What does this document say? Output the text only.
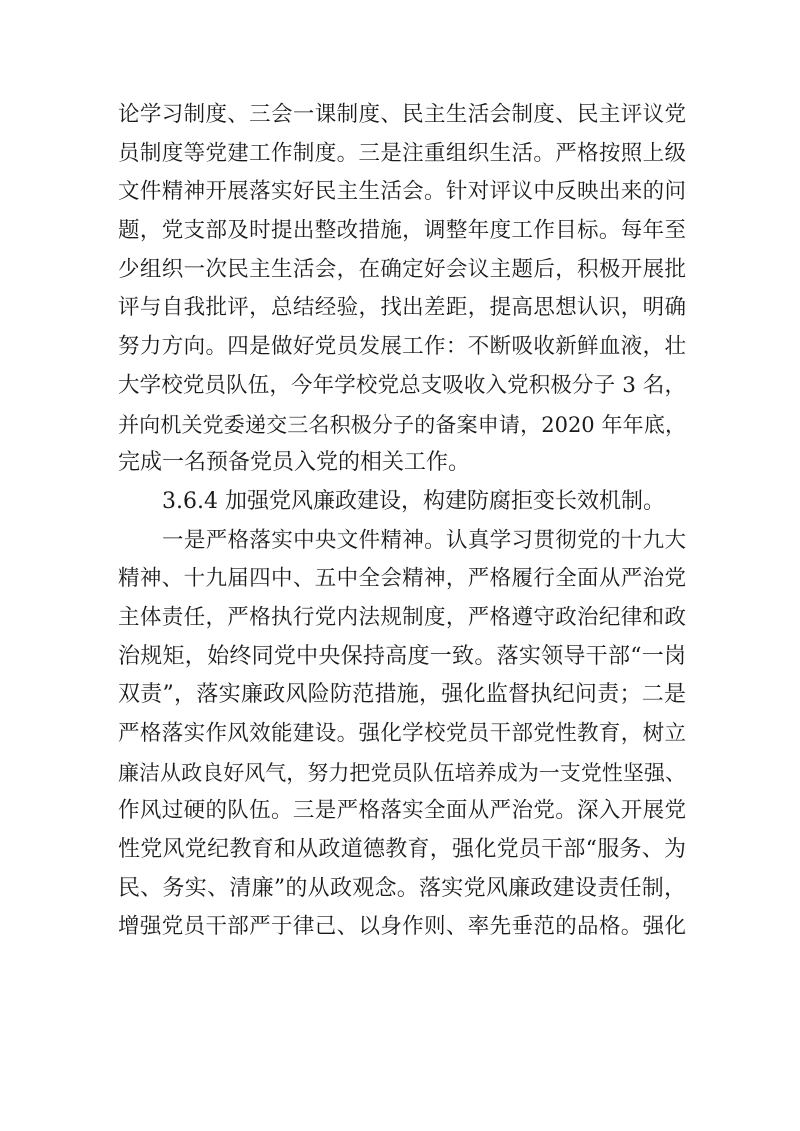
论学习制度、三会一课制度、民主生活会制度、民主评议党
员制度等党建工作制度。三是注重组织生活。严格按照上级
文件精神开展落实好民主生活会。针对评议中反映出来的问
题，党支部及时提出整改措施，调整年度工作目标。每年至
少组织一次民主生活会，在确定好会议主题后，积极开展批
评与自我批评，总结经验，找出差距，提高思想认识，明确
努力方向。四是做好党员发展工作：不断吸收新鲜血液，壮
大学校党员队伍，今年学校党总支吸收入党积极分子 3 名，
并向机关党委递交三名积极分子的备案申请，2020 年年底，
完成一名预备党员入党的相关工作。
3.6.4 加强党风廉政建设，构建防腐拒变长效机制。
一是严格落实中央文件精神。认真学习贯彻党的十九大
精神、十九届四中、五中全会精神，严格履行全面从严治党
主体责任，严格执行党内法规制度，严格遵守政治纪律和政
治规矩，始终同党中央保持高度一致。落实领导干部“一岗
双责”，落实廉政风险防范措施，强化监督执纪问责；二是
严格落实作风效能建设。强化学校党员干部党性教育，树立
廉洁从政良好风气，努力把党员队伍培养成为一支党性坚强、
作风过硬的队伍。三是严格落实全面从严治党。深入开展党
性党风党纪教育和从政道德教育，强化党员干部“服务、为
民、务实、清廉”的从政观念。落实党风廉政建设责任制，
增强党员干部严于律己、以身作则、率先垂范的品格。强化
